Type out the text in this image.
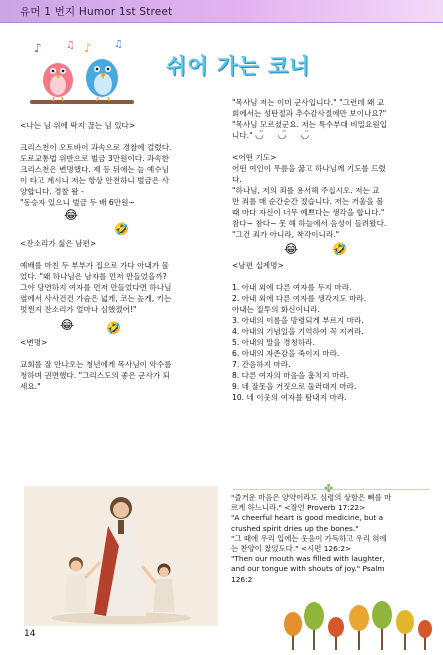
유머 1 번지 Humor 1st Street
♪ ♫ ♪ ♫
쉬어 가는 코너

<나는 님 위에 딱지 끊는 님 있다>

크리스천이 오토바이 과속으로 경찰에 걸렸다.

도로교통법 위반으로 벌금 3만원이다. 과속한

크리스천은 변명했다. 제 등 뒤에는 늘 예수님

이 타고 계시니 저는 항상 안전하니 벌금은 사

양합니다. 경찰 왈 -

"동승자 있으니 벌금 두 배 6만원~

😂
🤣

<잔소리가 싫은 남편>

예배를 마친 두 부부가 집으로 가다 아내가 물

었다. "왜 하나님은 남자를 먼저 만들었을까?

그야 당연하지 여자를 먼저 만들었다면 하나님

옆에서 사사건건 가슴은 넓게, 코는 높게, 키는

멋쩐지 잔소리가 얼마나 심했겠어!"

😂	🤣

<변명>

교회를 잘 안나오는 청년에게 목사님이 악수를

청하며 권면했다. "그리스도의 좋은 군사가 되

세요."

14

"목사님 저는 이미 군사입니다." "그런데 왜 교

회에서는 성탄절과 추수감사절에만 보이나요?"

"목사님 모르셨군요. 저는 특수부대 비밀요원입

니다." ◡̈◡̈◡̈

<어떤 기도>

어떤 여인이 무릎을 꿇고 하나님께 기도를 드렸

다.

"하나님, 저의 죄를 용서해 주십시오. 저는 교

만 죄를 매 순간순간 졌습니다. 저는 거울을 볼

때 마다 자신이 너무 예쁘다는 생각을 합니다."

참다~ 참다~ 못 해 하늘에서 음성이 들려왔다.

"그건 죄가 아니라, 착각이니라."

😂	🤣

<남편 십계명>

1. 아내 외에 다른 여자를 두지 마라.

2. 아내 외에 다른 여자를 생각지도 마라.

아내는 질투의 화신이니라.

3. 아내의 이름을 망령되게 부르지 마라.

4. 아내의 기념일을 기억하여 꼭 지켜라.

5. 아내의 말을 경청하라.

6. 아내의 자존감을 죽이지 마라.

7. 간음하지 마라.

8. 다른 여자의 마음을 훔치지 마라.

9. 네 잘못을 거짓으로 둘러대지 마라.

10. 네 이웃의 여자를 탐내지 마라.

✤

"즐거운 마음은 양약이라도 심령의 상함은 뼈를 마

르게 하느니라." <잠언 Proverb 17:22>

"A cheerful heart is good medicine, but a

crushed spirit dries up the bones."

"그 때에 우리 입에는 웃음이 가득하고 우리 혀에

는 찬양이 찼었도다." <시편 126:2>

"Then our mouth was filled with laughter,

and our tongue with shouts of joy." Psalm

126:2
